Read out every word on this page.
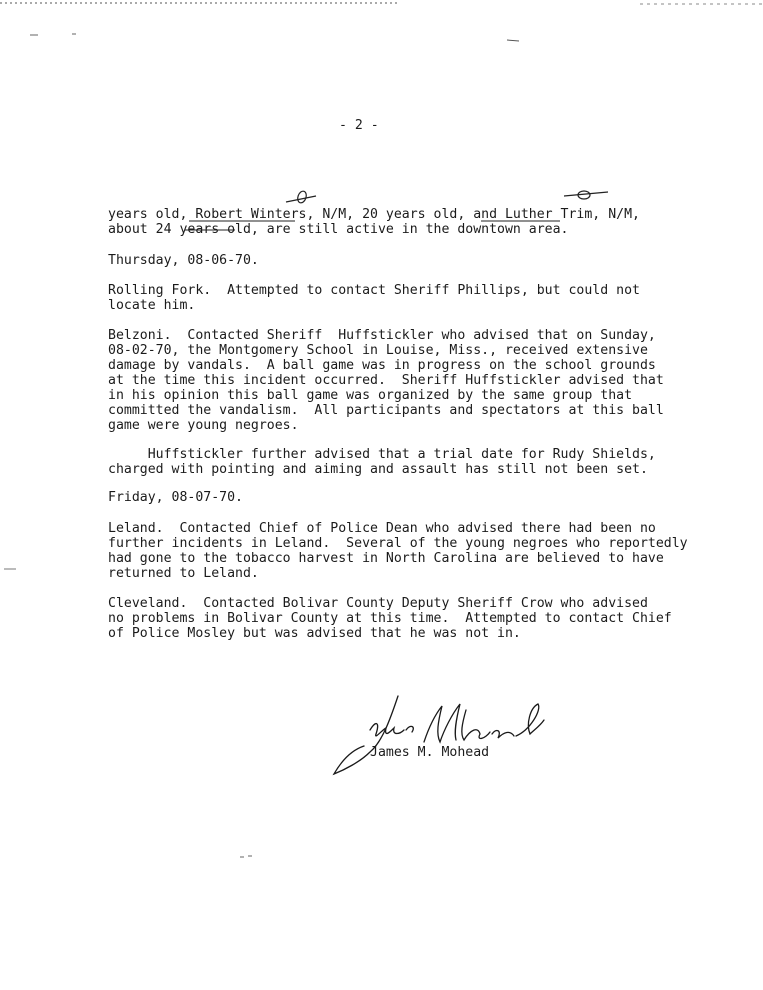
- 2 -
years old, Robert Winters, N/M, 20 years old, and Luther Trim, N/M,
about 24 years old, are still active in the downtown area.
Thursday, 08-06-70.
Rolling Fork.  Attempted to contact Sheriff Phillips, but could not
locate him.
Belzoni.  Contacted Sheriff  Huffstickler who advised that on Sunday,
08-02-70, the Montgomery School in Louise, Miss., received extensive
damage by vandals.  A ball game was in progress on the school grounds
at the time this incident occurred.  Sheriff Huffstickler advised that
in his opinion this ball game was organized by the same group that
committed the vandalism.  All participants and spectators at this ball
game were young negroes.
Huffstickler further advised that a trial date for Rudy Shields,
charged with pointing and aiming and assault has still not been set.
Friday, 08-07-70.
Leland.  Contacted Chief of Police Dean who advised there had been no
further incidents in Leland.  Several of the young negroes who reportedly
had gone to the tobacco harvest in North Carolina are believed to have
returned to Leland.
Cleveland.  Contacted Bolivar County Deputy Sheriff Crow who advised
no problems in Bolivar County at this time.  Attempted to contact Chief
of Police Mosley but was advised that he was not in.
James M. Mohead
